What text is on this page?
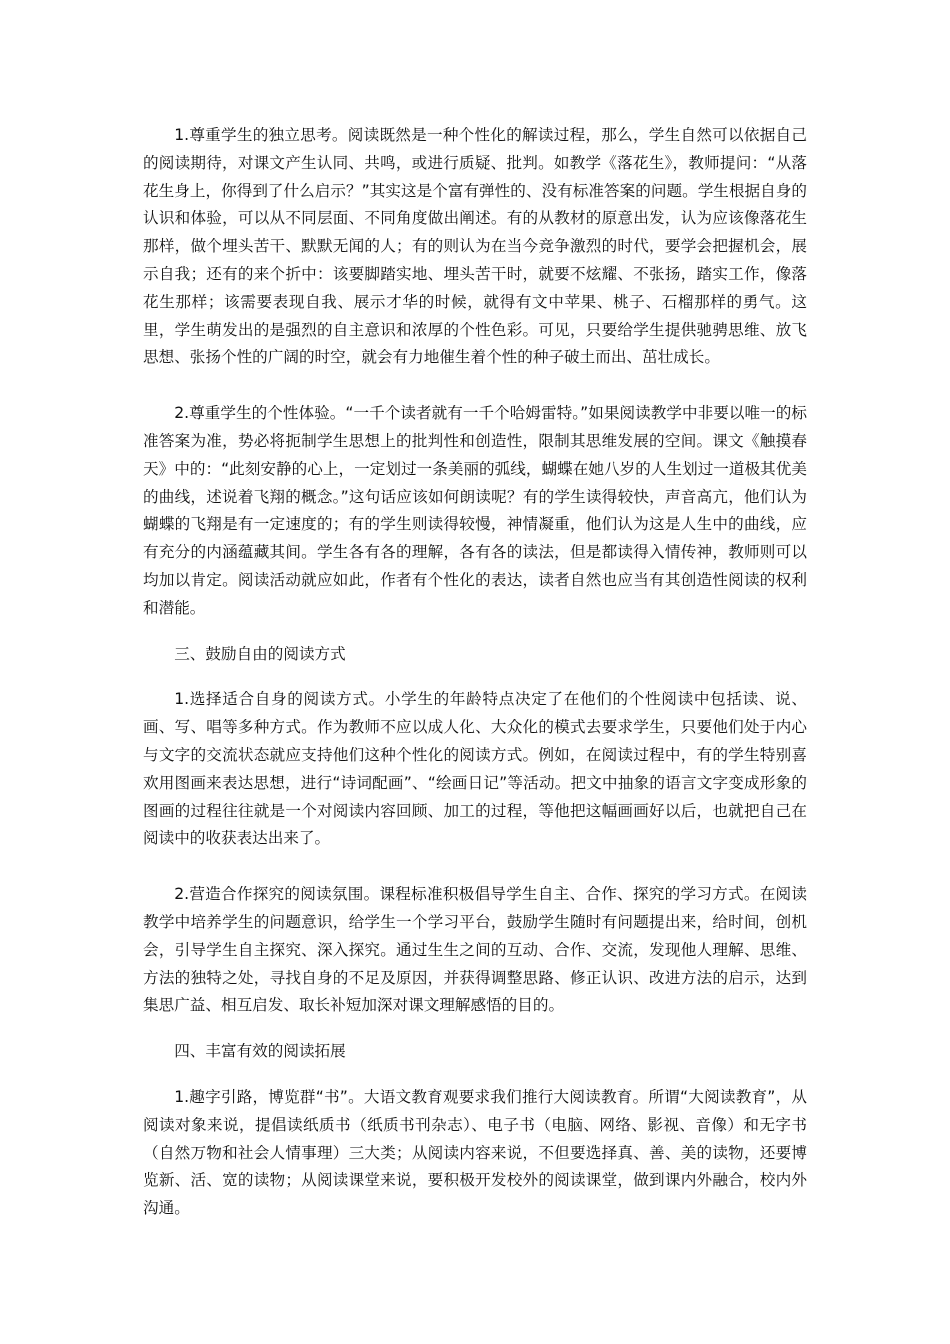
1.尊重学生的独立思考。阅读既然是一种个性化的解读过程，那么，学生自然可以依据自己的阅读期待，对课文产生认同、共鸣，或进行质疑、批判。如教学《落花生》，教师提问：“从落花生身上，你得到了什么启示？”其实这是个富有弹性的、没有标准答案的问题。学生根据自身的认识和体验，可以从不同层面、不同角度做出阐述。有的从教材的原意出发，认为应该像落花生那样，做个埋头苦干、默默无闻的人；有的则认为在当今竞争激烈的时代，要学会把握机会，展示自我；还有的来个折中：该要脚踏实地、埋头苦干时，就要不炫耀、不张扬，踏实工作，像落花生那样；该需要表现自我、展示才华的时候，就得有文中苹果、桃子、石榴那样的勇气。这里，学生萌发出的是强烈的自主意识和浓厚的个性色彩。可见，只要给学生提供驰骋思维、放飞思想、张扬个性的广阔的时空，就会有力地催生着个性的种子破土而出、茁壮成长。

2.尊重学生的个性体验。“一千个读者就有一千个哈姆雷特。”如果阅读教学中非要以唯一的标准答案为准，势必将扼制学生思想上的批判性和创造性，限制其思维发展的空间。课文《触摸春天》中的：“此刻安静的心上，一定划过一条美丽的弧线，蝴蝶在她八岁的人生划过一道极其优美的曲线，述说着飞翔的概念。”这句话应该如何朗读呢？有的学生读得较快，声音高亢，他们认为蝴蝶的飞翔是有一定速度的；有的学生则读得较慢，神情凝重，他们认为这是人生中的曲线，应有充分的内涵蕴藏其间。学生各有各的理解，各有各的读法，但是都读得入情传神，教师则可以均加以肯定。阅读活动就应如此，作者有个性化的表达，读者自然也应当有其创造性阅读的权利和潜能。

三、鼓励自由的阅读方式

1.选择适合自身的阅读方式。小学生的年龄特点决定了在他们的个性阅读中包括读、说、画、写、唱等多种方式。作为教师不应以成人化、大众化的模式去要求学生，只要他们处于内心与文字的交流状态就应支持他们这种个性化的阅读方式。例如，在阅读过程中，有的学生特别喜欢用图画来表达思想，进行“诗词配画”、“绘画日记”等活动。把文中抽象的语言文字变成形象的图画的过程往往就是一个对阅读内容回顾、加工的过程，等他把这幅画画好以后，也就把自己在阅读中的收获表达出来了。

2.营造合作探究的阅读氛围。课程标准积极倡导学生自主、合作、探究的学习方式。在阅读教学中培养学生的问题意识，给学生一个学习平台，鼓励学生随时有问题提出来，给时间，创机会，引导学生自主探究、深入探究。通过生生之间的互动、合作、交流，发现他人理解、思维、方法的独特之处，寻找自身的不足及原因，并获得调整思路、修正认识、改进方法的启示，达到集思广益、相互启发、取长补短加深对课文理解感悟的目的。

四、丰富有效的阅读拓展

1.趣字引路，博览群“书”。大语文教育观要求我们推行大阅读教育。所谓“大阅读教育”，从阅读对象来说，提倡读纸质书（纸质书刊杂志）、电子书（电脑、网络、影视、音像）和无字书（自然万物和社会人情事理）三大类；从阅读内容来说，不但要选择真、善、美的读物，还要博览新、活、宽的读物；从阅读课堂来说，要积极开发校外的阅读课堂，做到课内外融合，校内外沟通。
